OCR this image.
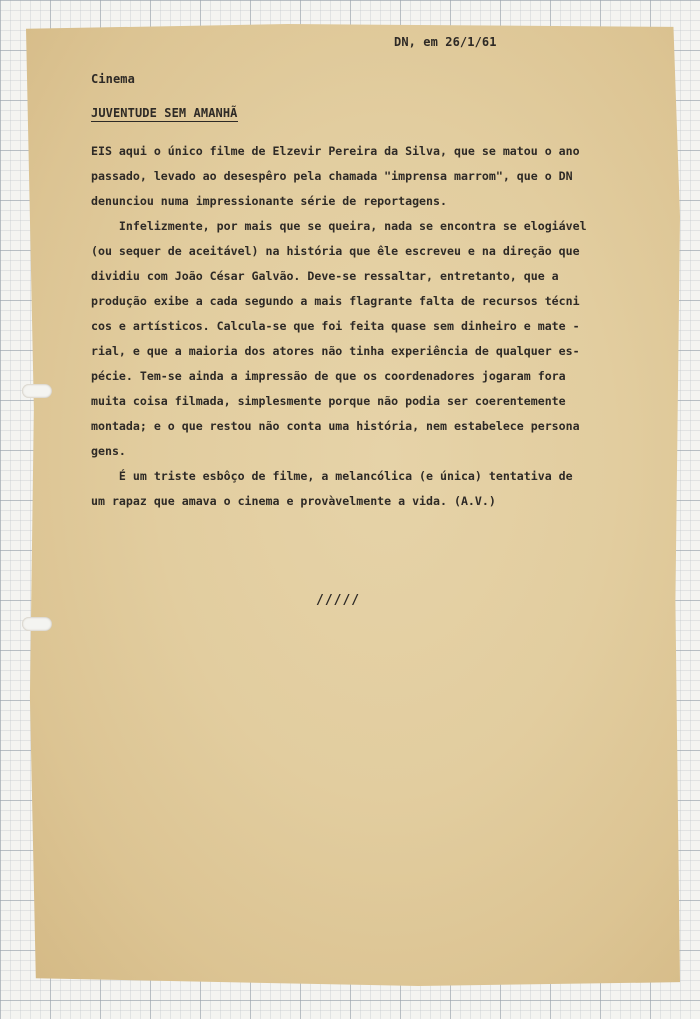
DN, em 26/1/61
Cinema
JUVENTUDE SEM AMANHÃ
EIS aqui o único filme de Elzevir Pereira da Silva, que se matou o ano
passado, levado ao desespêro pela chamada "imprensa marrom", que o DN
denunciou numa impressionante série de reportagens.
Infelizmente, por mais que se queira, nada se encontra se elogiável
(ou sequer de aceitável) na história que êle escreveu e na direção que
dividiu com João César Galvão. Deve-se ressaltar, entretanto, que a
produção exibe a cada segundo a mais flagrante falta de recursos técni
cos e artísticos. Calcula-se que foi feita quase sem dinheiro e mate -
rial, e que a maioria dos atores não tinha experiência de qualquer es-
pécie. Tem-se ainda a impressão de que os coordenadores jogaram fora
muita coisa filmada, simplesmente porque não podia ser coerentemente
montada; e o que restou não conta uma história, nem estabelece persona
gens.
É um triste esbôço de filme, a melancólica (e única) tentativa de
um rapaz que amava o cinema e provàvelmente a vida. (A.V.)
/////
